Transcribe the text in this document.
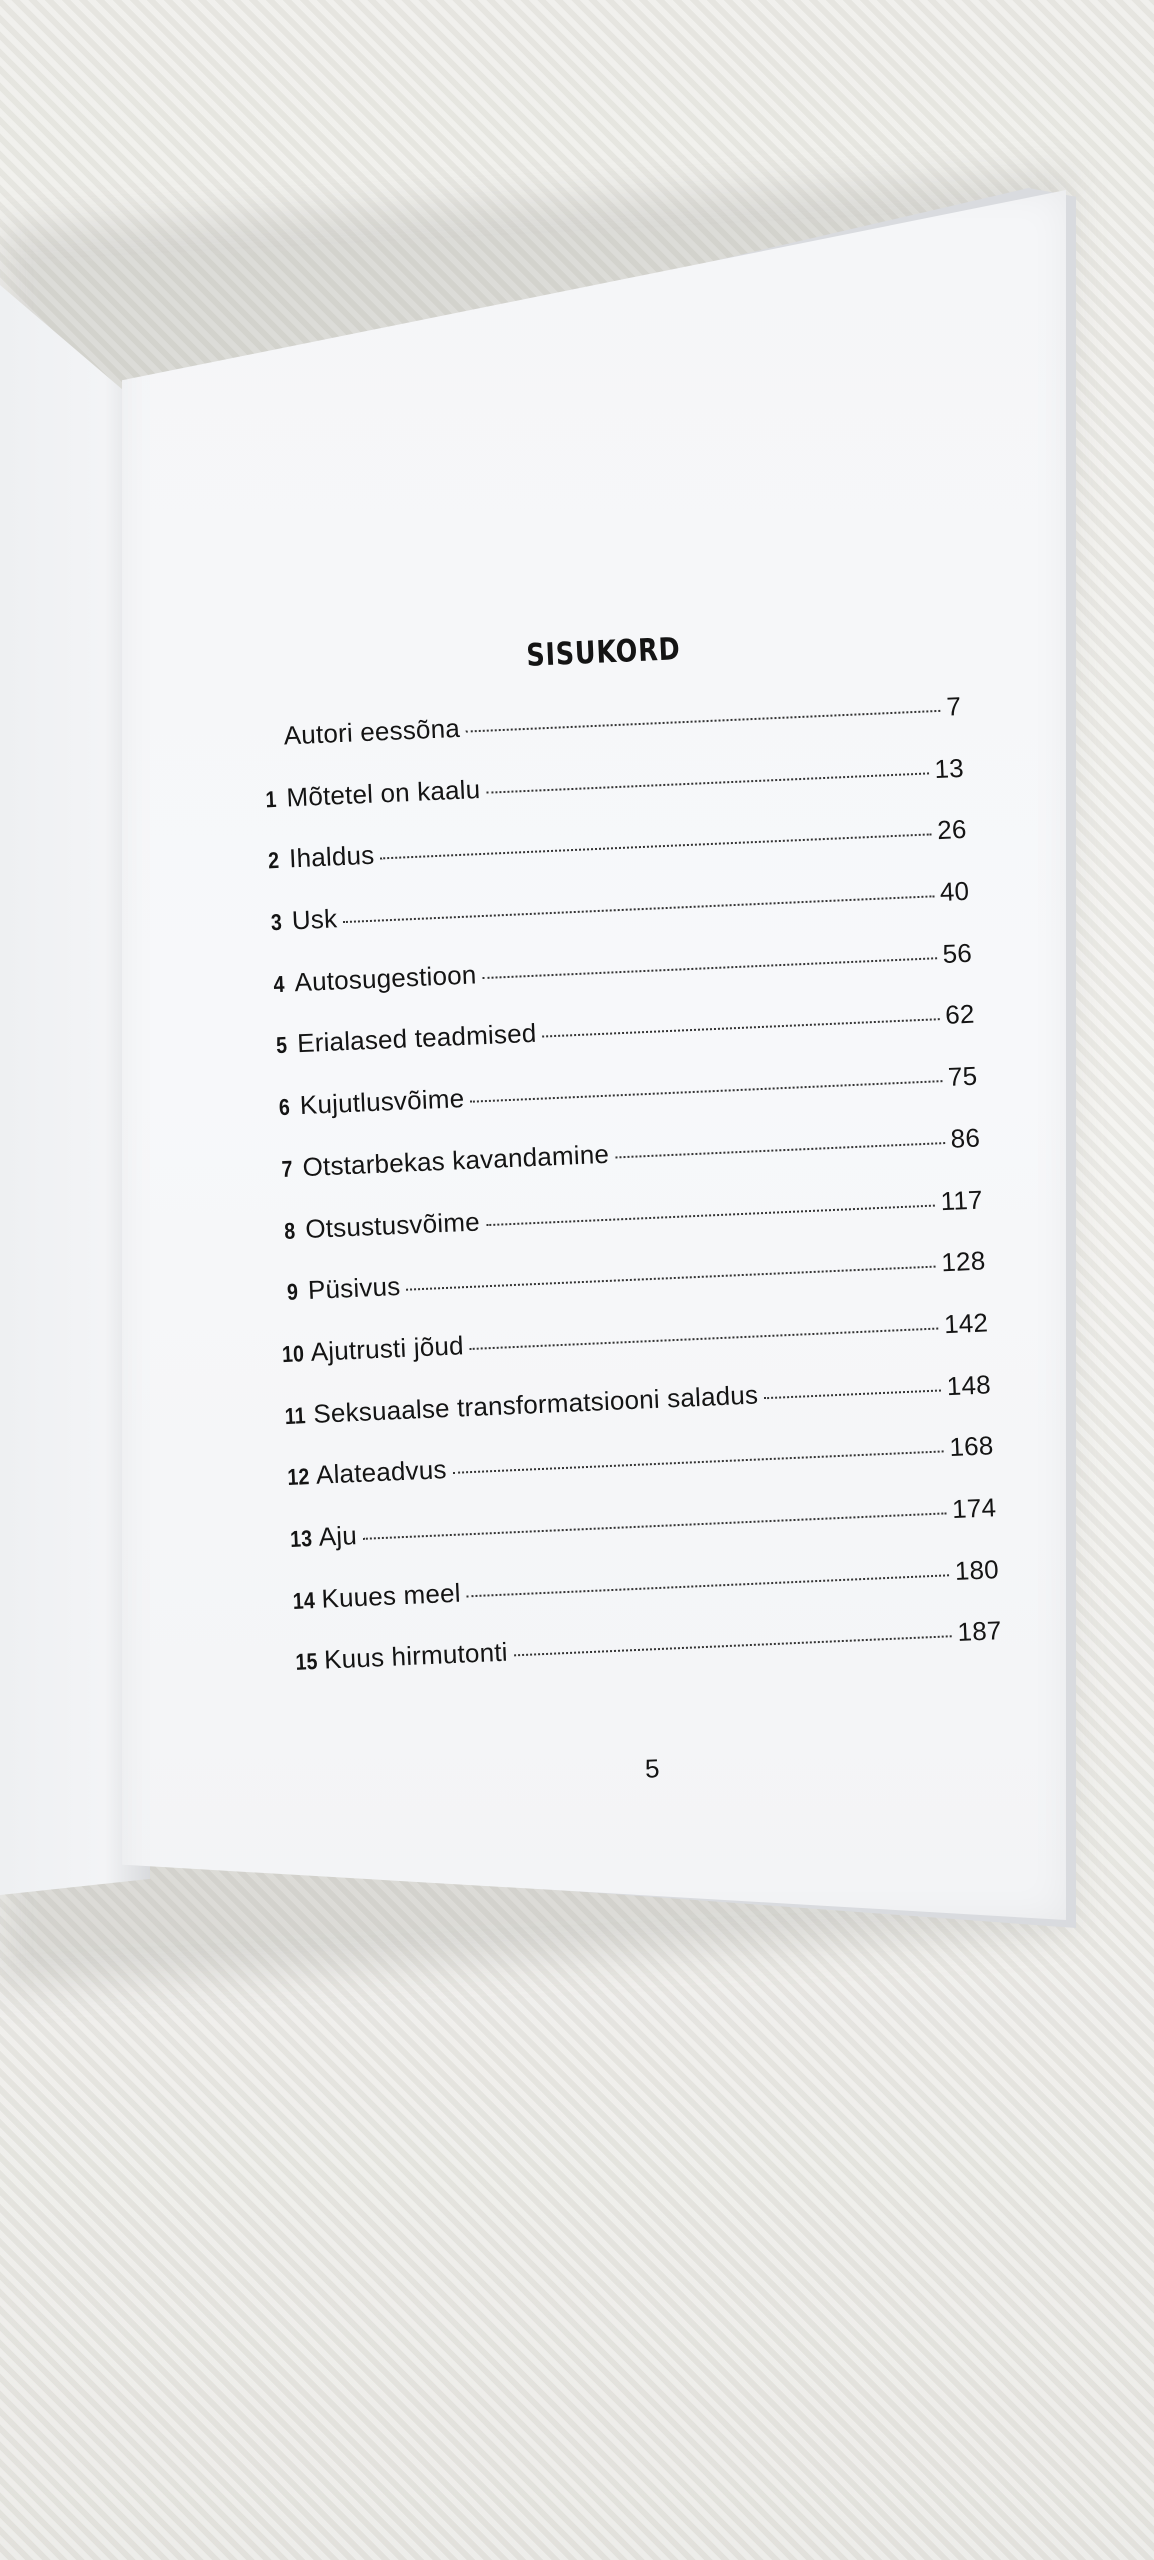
SISUKORD
Autori eessõna
7
1 Mõtetel on kaalu
13
2 Ihaldus
26
3 Usk
40
4 Autosugestioon
56
5 Erialased teadmised
62
6 Kujutlusvõime
75
7 Otstarbekas kavandamine
86
8 Otsustusvõime
117
9 Püsivus
128
10 Ajutrusti jõud
142
11 Seksuaalse transformatsiooni saladus	148
12 Alateadvus
168
13 Aju
174
14 Kuues meel
180
15 Kuus hirmutonti
187
5
